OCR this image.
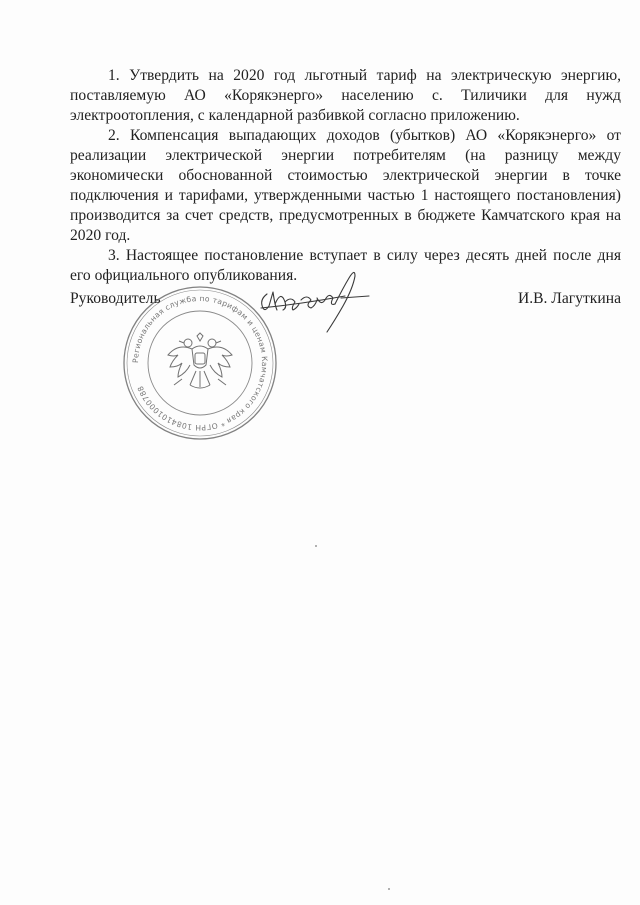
1. Утвердить на 2020 год льготный тариф на электрическую энергию, поставляемую АО «Корякэнерго» населению с. Тиличики для нужд электроотопления, с календарной разбивкой согласно приложению.

2. Компенсация выпадающих доходов (убытков) АО «Корякэнерго» от реализации электрической энергии потребителям (на разницу между экономически обоснованной стоимостью электрической энергии в точке подключения и тарифами, утвержденными частью 1 настоящего постановления) производится за счет средств, предусмотренных в бюджете Камчатского края на 2020 год.

3. Настоящее постановление вступает в силу через десять дней после дня его официального опубликования.

Руководитель	И.В. Лагуткина
Региональная служба по тарифам и ценам Камчатского края * ОГРН 1084101000788
